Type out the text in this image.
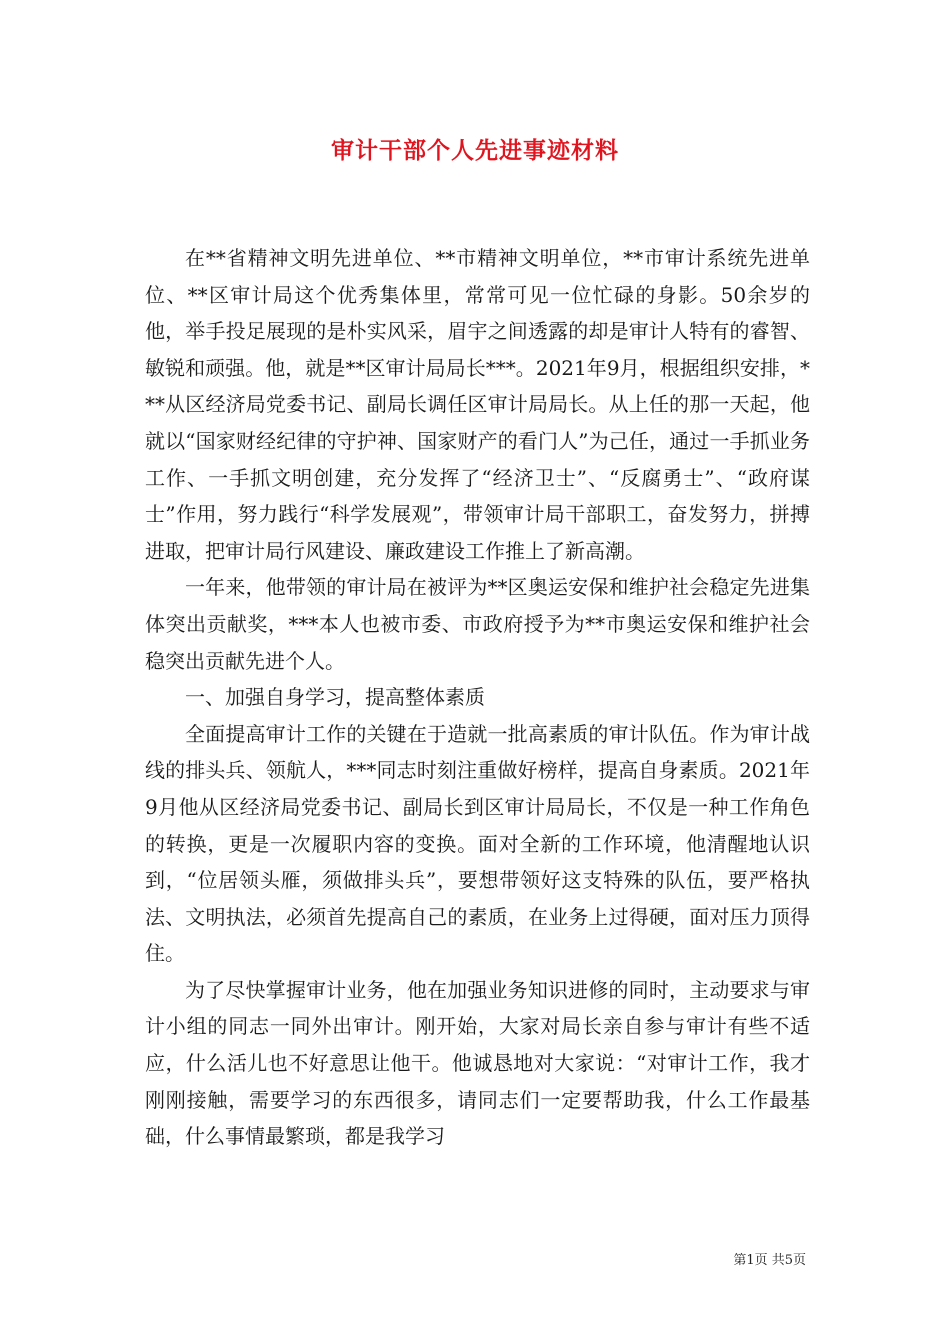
审计干部个人先进事迹材料

在**省精神文明先进单位、**市精神文明单位，**市审计系统先进单位、**区审计局这个优秀集体里，常常可见一位忙碌的身影。50余岁的他，举手投足展现的是朴实风采，眉宇之间透露的却是审计人特有的睿智、敏锐和顽强。他，就是**区审计局局长***。2021年9月，根据组织安排，***从区经济局党委书记、副局长调任区审计局局长。从上任的那一天起，他就以“国家财经纪律的守护神、国家财产的看门人”为己任，通过一手抓业务工作、一手抓文明创建，充分发挥了“经济卫士”、“反腐勇士”、“政府谋士”作用，努力践行“科学发展观”，带领审计局干部职工，奋发努力，拼搏进取，把审计局行风建设、廉政建设工作推上了新高潮。

一年来，他带领的审计局在被评为**区奥运安保和维护社会稳定先进集体突出贡献奖，***本人也被市委、市政府授予为**市奥运安保和维护社会稳突出贡献先进个人。

一、加强自身学习，提高整体素质

全面提高审计工作的关键在于造就一批高素质的审计队伍。作为审计战线的排头兵、领航人，***同志时刻注重做好榜样，提高自身素质。2021年9月他从区经济局党委书记、副局长到区审计局局长，不仅是一种工作角色的转换，更是一次履职内容的变换。面对全新的工作环境，他清醒地认识到，“位居领头雁，须做排头兵”，要想带领好这支特殊的队伍，要严格执法、文明执法，必须首先提高自己的素质，在业务上过得硬，面对压力顶得住。

为了尽快掌握审计业务，他在加强业务知识进修的同时，主动要求与审计小组的同志一同外出审计。刚开始，大家对局长亲自参与审计有些不适应，什么活儿也不好意思让他干。他诚恳地对大家说：“对审计工作，我才刚刚接触，需要学习的东西很多，请同志们一定要帮助我，什么工作最基础，什么事情最繁琐，都是我学习

第1页 共5页
